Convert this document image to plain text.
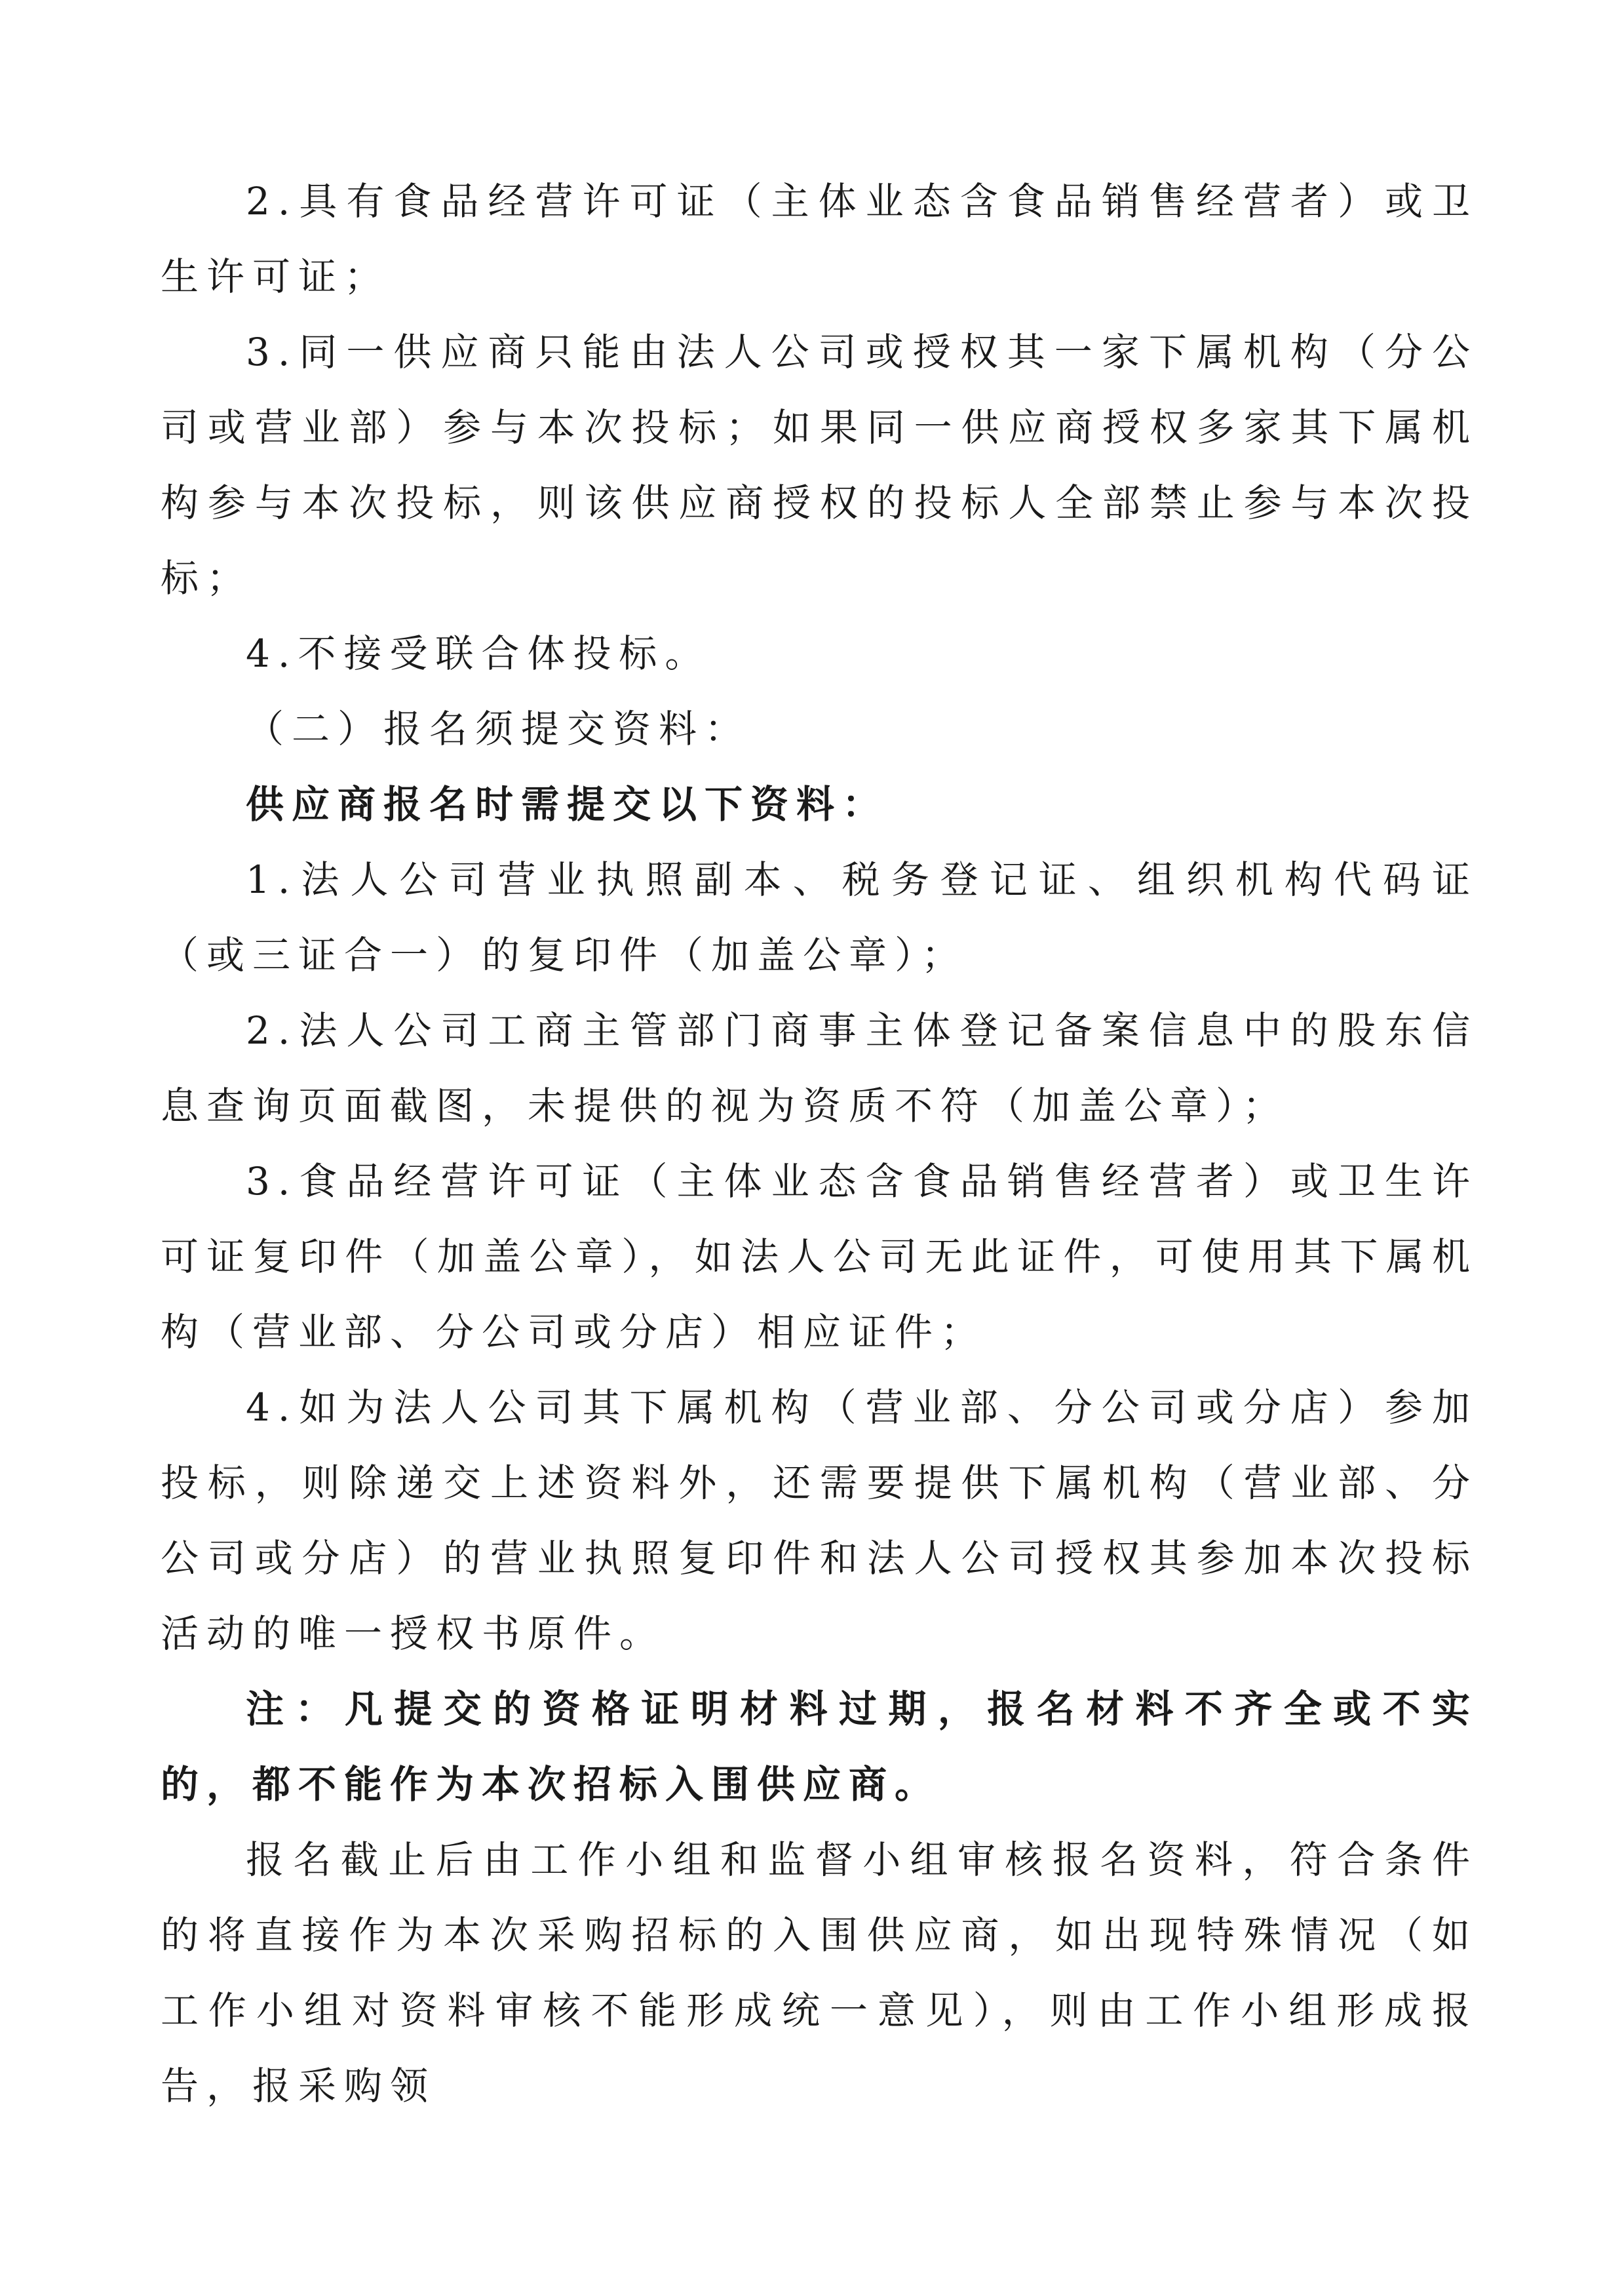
2.具有食品经营许可证（主体业态含食品销售经营者）或卫生许可证；

3.同一供应商只能由法人公司或授权其一家下属机构（分公司或营业部）参与本次投标；如果同一供应商授权多家其下属机构参与本次投标，则该供应商授权的投标人全部禁止参与本次投标；

4.不接受联合体投标。

（二）报名须提交资料：

供应商报名时需提交以下资料：

1.法人公司营业执照副本、税务登记证、组织机构代码证（或三证合一）的复印件（加盖公章）；

2.法人公司工商主管部门商事主体登记备案信息中的股东信息查询页面截图，未提供的视为资质不符（加盖公章）；

3.食品经营许可证（主体业态含食品销售经营者）或卫生许可证复印件（加盖公章），如法人公司无此证件，可使用其下属机构（营业部、分公司或分店）相应证件；

4.如为法人公司其下属机构（营业部、分公司或分店）参加投标，则除递交上述资料外，还需要提供下属机构（营业部、分公司或分店）的营业执照复印件和法人公司授权其参加本次投标活动的唯一授权书原件。

注：凡提交的资格证明材料过期，报名材料不齐全或不实的，都不能作为本次招标入围供应商。

报名截止后由工作小组和监督小组审核报名资料，符合条件的将直接作为本次采购招标的入围供应商，如出现特殊情况（如工作小组对资料审核不能形成统一意见），则由工作小组形成报告，报采购领
